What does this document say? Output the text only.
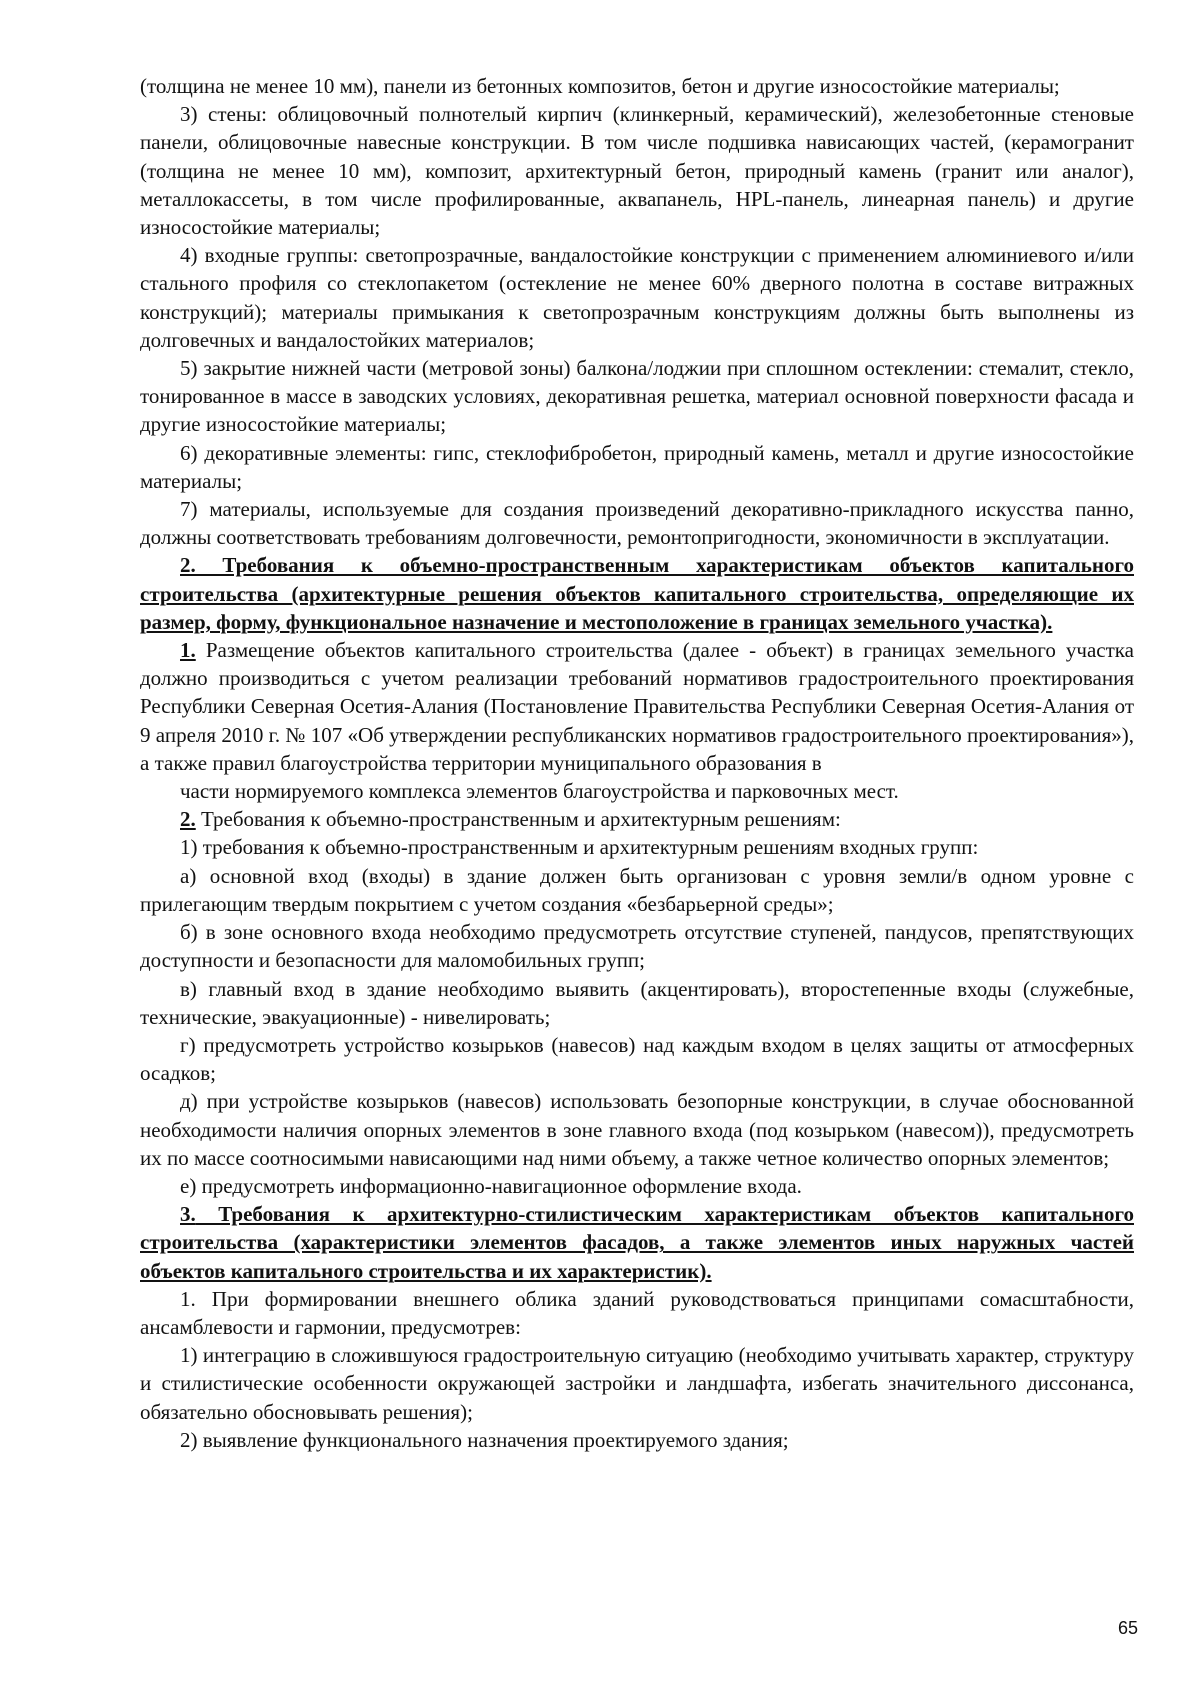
(толщина не менее 10 мм), панели из бетонных композитов, бетон и другие износостойкие материалы;

3) стены: облицовочный полнотелый кирпич (клинкерный, керамический), железобетонные стеновые панели, облицовочные навесные конструкции. В том числе подшивка нависающих частей, (керамогранит (толщина не менее 10 мм), композит, архитектурный бетон, природный камень (гранит или аналог), металлокассеты, в том числе профилированные, аквапанель, HPL-панель, линеарная панель) и другие износостойкие материалы;

4) входные группы: светопрозрачные, вандалостойкие конструкции с применением алюминиевого и/или стального профиля со стеклопакетом (остекление не менее 60% дверного полотна в составе витражных конструкций); материалы примыкания к светопрозрачным конструкциям должны быть выполнены из долговечных и вандалостойких материалов;

5) закрытие нижней части (метровой зоны) балкона/лоджии при сплошном остеклении: стемалит, стекло, тонированное в массе в заводских условиях, декоративная решетка, материал основной поверхности фасада и другие износостойкие материалы;

6) декоративные элементы: гипс, стеклофибробетон, природный камень, металл и другие износостойкие материалы;

7) материалы, используемые для создания произведений декоративно-прикладного искусства панно, должны соответствовать требованиям долговечности, ремонтопригодности, экономичности в эксплуатации.

2. Требования к объемно-пространственным характеристикам объектов капитального строительства (архитектурные решения объектов капитального строительства, определяющие их размер, форму, функциональное назначение и местоположение в границах земельного участка).

1. Размещение объектов капитального строительства (далее - объект) в границах земельного участка должно производиться с учетом реализации требований нормативов градостроительного проектирования Республики Северная Осетия-Алания (Постановление Правительства Республики Северная Осетия-Алания от 9 апреля 2010 г. № 107 «Об утверждении республиканских нормативов градостроительного проектирования»), а также правил благоустройства территории муниципального образования в

части нормируемого комплекса элементов благоустройства и парковочных мест.

2. Требования к объемно-пространственным и архитектурным решениям:

1) требования к объемно-пространственным и архитектурным решениям входных групп:

а) основной вход (входы) в здание должен быть организован с уровня земли/в одном уровне с прилегающим твердым покрытием с учетом создания «безбарьерной среды»;

б) в зоне основного входа необходимо предусмотреть отсутствие ступеней, пандусов, препятствующих доступности и безопасности для маломобильных групп;

в) главный вход в здание необходимо выявить (акцентировать), второстепенные входы (служебные, технические, эвакуационные) - нивелировать;

г) предусмотреть устройство козырьков (навесов) над каждым входом в целях защиты от атмосферных осадков;

д) при устройстве козырьков (навесов) использовать безопорные конструкции, в случае обоснованной необходимости наличия опорных элементов в зоне главного входа (под козырьком (навесом)), предусмотреть их по массе соотносимыми нависающими над ними объему, а также четное количество опорных элементов;

е) предусмотреть информационно-навигационное оформление входа.

3. Требования к архитектурно-стилистическим характеристикам объектов капитального строительства (характеристики элементов фасадов, а также элементов иных наружных частей объектов капитального строительства и их характеристик).

1. При формировании внешнего облика зданий руководствоваться принципами сомасштабности, ансамблевости и гармонии, предусмотрев:

1) интеграцию в сложившуюся градостроительную ситуацию (необходимо учитывать характер, структуру и стилистические особенности окружающей застройки и ландшафта, избегать значительного диссонанса, обязательно обосновывать решения);

2) выявление функционального назначения проектируемого здания;

65
